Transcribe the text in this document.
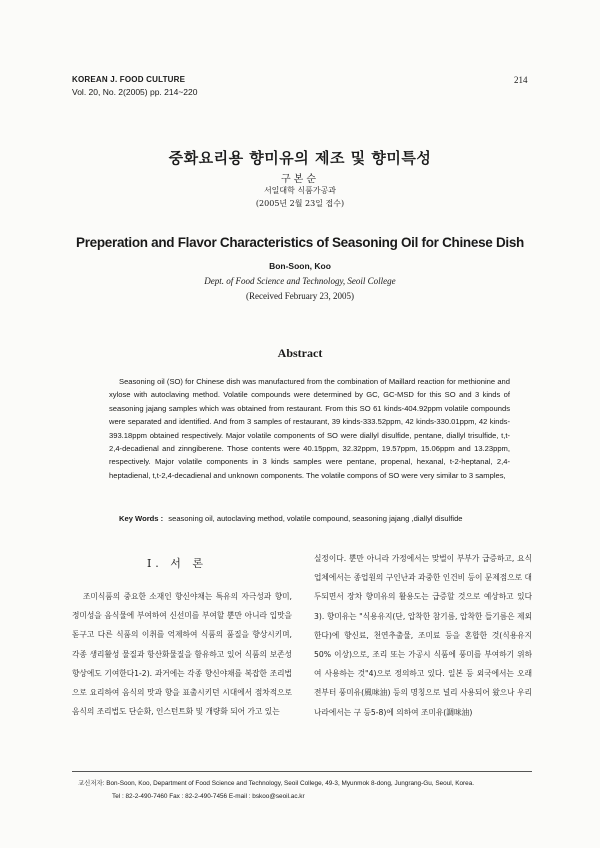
KOREAN J. FOOD CULTURE
Vol. 20, No. 2(2005) pp. 214~220
214
중화요리용 향미유의 제조 및 향미특성
구본순
서일대학 식품가공과
(2005년 2월 23일 접수)
Preperation and Flavor Characteristics of Seasoning Oil for Chinese Dish
Bon-Soon, Koo
Dept. of Food Science and Technology, Seoil College
(Received February 23, 2005)
Abstract
Seasoning oil (SO) for Chinese dish was manufactured from the combination of Maillard reaction for methionine and xylose with autoclaving method. Volatile compounds were determined by GC, GC-MSD for this SO and 3 kinds of seasoning jajang samples which was obtained from restaurant. From this SO 61 kinds-404.92ppm volatile compounds were separated and identified. And from 3 samples of restaurant, 39 kinds-333.52ppm, 42 kinds-330.01ppm, 42 kinds-393.18ppm obtained respectively. Major volatile components of SO were diallyl disulfide, pentane, diallyl trisulfide, t,t-2,4-decadienal and zinngiberene. Those contents were 40.15ppm, 32.32ppm, 19.57ppm, 15.06ppm and 13.23ppm, respectively. Major volatile components in 3 kinds samples were pentane, propenal, hexanal, t-2-heptanal, 2,4-heptadienal, t,t-2,4-decadienal and unknown components. The volatile compons of SO were very similar to 3 samples,
Key Words : seasoning oil, autoclaving method, volatile compound, seasoning jajang ,diallyl disulfide
I. 서 론

조미식품의 중요한 소재인 향신야채는 특유의 자극성과 향미, 정미성을 음식물에 부여하여 신선미를 부여할 뿐만 아니라 입맛을 돋구고 다른 식품의 이취를 억제하여 식품의 품질을 향상시키며, 각종 생리활성 물질과 항산화물질을 함유하고 있어 식품의 보존성 향상에도 기여한다1-2). 과거에는 각종 향신야채를 복잡한 조리법으로 요리하여 음식의 맛과 향을 표출시키던 시대에서 점차적으로 음식의 조리법도 단순화, 인스턴트화 및 개량화 되어 가고 있는

실정이다. 뿐만 아니라 가정에서는 맞벌이 부부가 급증하고, 요식업체에서는 종업원의 구인난과 과중한 인건비 등이 문제점으로 대두되면서 장차 향미유의 활용도는 급증할 것으로 예상하고 있다3). 향미유는 "식용유지(단, 압착한 참기름, 압착한 들기름은 제외한다)에 향신료, 천연추출물, 조미료 등을 혼합한 것(식용유지 50% 이상)으로, 조리 또는 가공시 식품에 풍미를 부여하기 위하여 사용하는 것"4)으로 정의하고 있다. 일본 등 외국에서는 오래 전부터 풍미유(風味油) 등의 명칭으로 널리 사용되어 왔으나 우리 나라에서는 구 등5-8)에 의하여 조미유(調味油)

교신저자: Bon-Soon, Koo, Department of Food Science and Technology, Seoil College, 49-3, Myunmok 8-dong, Jungrang-Gu, Seoul, Korea.
Tel : 82-2-490-7460 Fax : 82-2-490-7456 E-mail : bskoo@seoil.ac.kr
